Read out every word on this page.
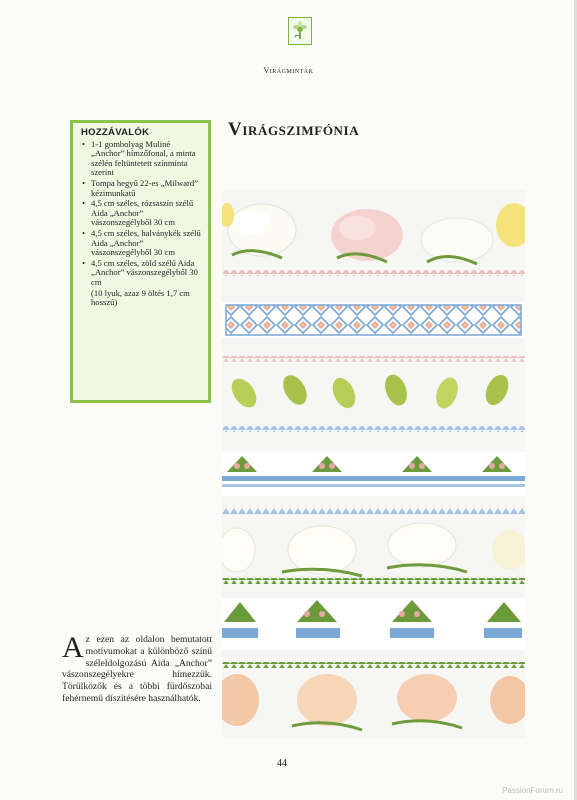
Virágminták
Virágszimfónia
HOZZÁVALÓK
• 1-1 gombolyag Muliné „Anchor” hímzőfonal, a minta szélén feltüntetett színminta szerint
• Tompa hegyű 22-es „Milward” kézimunkatű
• 4,5 cm széles, rózsaszín szélű Aida „Anchor” vászonszegélyből 30 cm
• 4,5 cm széles, halványkék szélű Aida „Anchor” vászonszegélyből 30 cm
• 4,5 cm széles, zöld szélű Aida „Anchor” vászonszegélyből 30 cm
(10 lyuk, azaz 9 öltés 1,7 cm hosszú)
Az ezen az oldalon bemutatott motívumokat a különböző színű széleldolgozású Aida „Anchor” vászonszegélyekre hímezzük. Törülközők és a többi fürdőszobai fehérnemű díszítésére használhatók.
44
PassionForum.ru
